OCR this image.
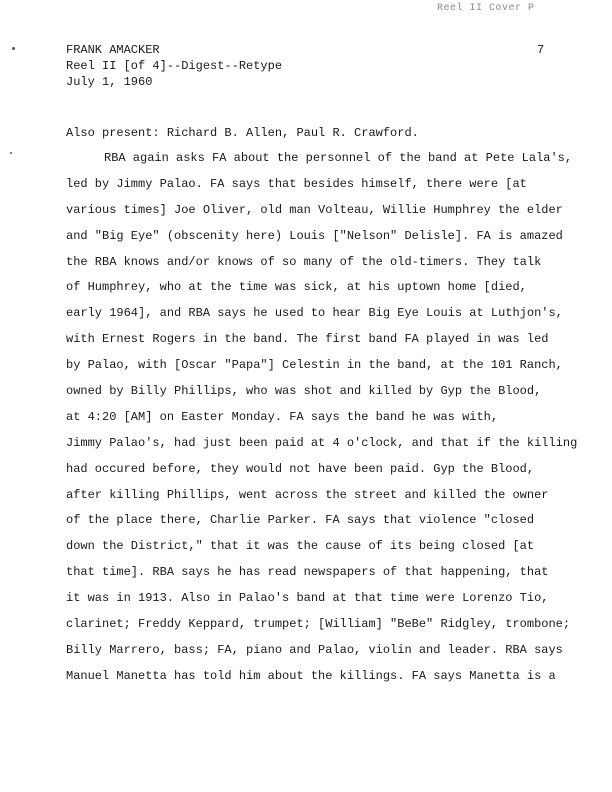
Reel II Cover P
FRANK AMACKER
Reel II [of 4]--Digest--Retype
July 1, 1960
7
Also present: Richard B. Allen, Paul R. Crawford.
RBA again asks FA about the personnel of the band at Pete Lala's,
led by Jimmy Palao. FA says that besides himself, there were [at
various times] Joe Oliver, old man Volteau, Willie Humphrey the elder
and "Big Eye" (obscenity here) Louis ["Nelson" Delisle]. FA is amazed
the RBA knows and/or knows of so many of the old-timers. They talk
of Humphrey, who at the time was sick, at his uptown home [died,
early 1964], and RBA says he used to hear Big Eye Louis at Luthjon's,
with Ernest Rogers in the band. The first band FA played in was led
by Palao, with [Oscar "Papa"] Celestin in the band, at the 101 Ranch,
owned by Billy Phillips, who was shot and killed by Gyp the Blood,
at 4:20 [AM] on Easter Monday. FA says the band he was with,
Jimmy Palao's, had just been paid at 4 o'clock, and that if the killing
had occured before, they would not have been paid. Gyp the Blood,
after killing Phillips, went across the street and killed the owner
of the place there, Charlie Parker. FA says that violence "closed
down the District," that it was the cause of its being closed [at
that time]. RBA says he has read newspapers of that happening, that
it was in 1913. Also in Palao's band at that time were Lorenzo Tio,
clarinet; Freddy Keppard, trumpet; [William] "BeBe" Ridgley, trombone;
Billy Marrero, bass; FA, piano and Palao, violin and leader. RBA says
Manuel Manetta has told him about the killings. FA says Manetta is a
